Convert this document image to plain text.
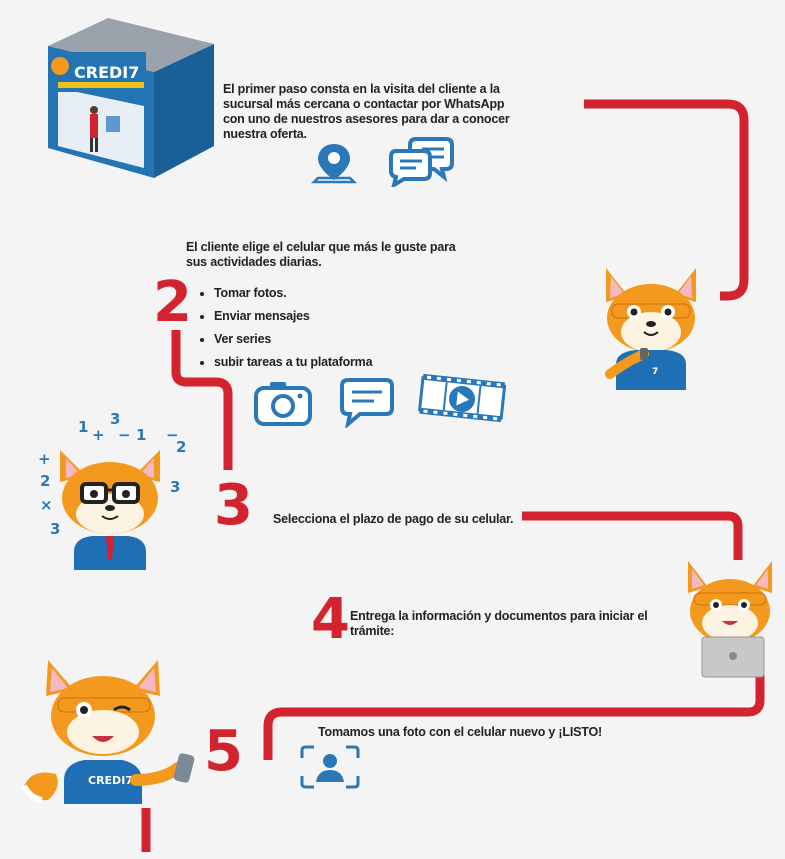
CREDI7
El primer paso consta en la visita del cliente a la sucursal más cercana o contactar por WhatsApp con uno de nuestros asesores para dar a conocer nuestra oferta.
7
2
El cliente elige el celular que más le guste para sus actividades diarias.
• Tomar fotos.
• Enviar mensajes
• Ver series
• subir tareas a tu plataforma
1 +
3
− 1
2
+
−
2	3
×
3	3 Selecciona el plazo de pago de su celular.
4 Entrega la información y documentos para iniciar el trámite:
CREDI7 5	Tomamos una foto con el celular nuevo y ¡LISTO!
